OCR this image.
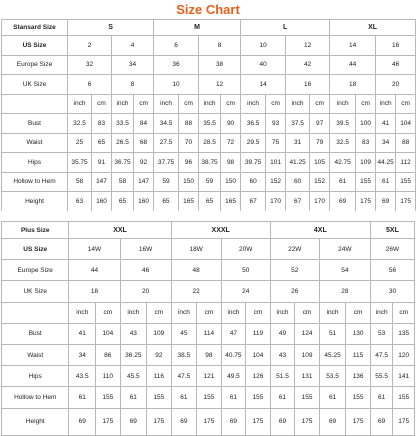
Size Chart
Stansard Size	S				M				L				XL			
US Size	2		4		6		8		10		12		14		16	
Europe Size	32		34		36		38		40		42		44		46	
UK Size	6		8		10		12		14		16		18		20	
	inch	cm	inch	cm	inch	cm	inch	cm	inch	cm	inch	cm	inch	cm	inch	cm
Bust	32.5	83	33.5	84	34.5	88	35.5	90	36.5	93	37.5	97	39.5	100	41	104
Waist	25	65	26.5	68	27.5	70	28.5	72	29.5	75	31	79	32.5	83	34	88
Hips	35.75	91	36.75	92	37.75	96	38.75	98	39.75	101	41.25	105	42.75	109	44.25	112
Hollow to Hem	58	147	58	147	59	150	59	150	60	152	60	152	61	155	61	155
Height	63	160	65	160	65	165	65	165	67	170	67	170	69	175	69	175
Plus Size	XXL				XXXL				4XL				5XL	
US Size	14W		16W		18W		20W		22W		24W		26W	
Europe Size	44		46		48		50		52		54		56	
UK Size	18		20		22		24		26		28		30	
	inch	cm	inch	cm	inch	cm	inch	cm	inch	cm	inch	cm	inch	cm
Bust	41	104	43	109	45	114	47	119	49	124	51	130	53	135
Waist	34	86	36.25	92	38.5	98	40.75	104	43	109	45.25	115	47.5	120
Hips	43.5	110	45.5	116	47.5	121	49.5	126	51.5	131	53.5	136	55.5	141
Hollow to Hem	61	155	61	155	61	155	61	155	61	155	61	155	61	155
Height	69	175	69	175	69	175	69	175	69	175	69	175	69	175
